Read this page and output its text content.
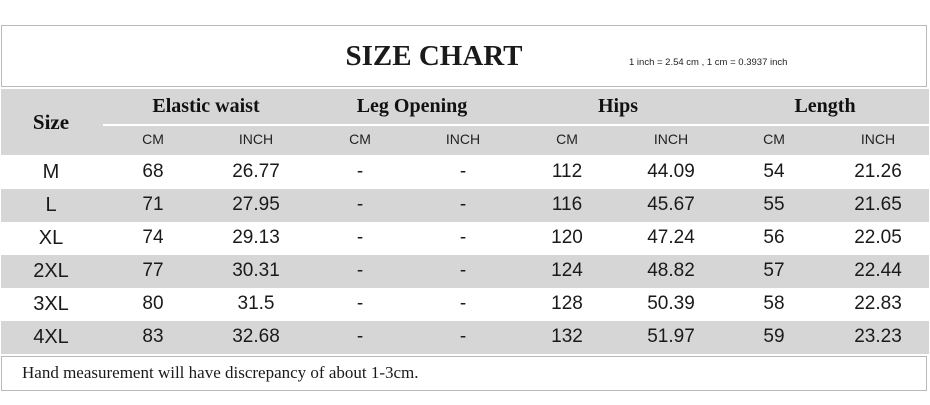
SIZE CHART	1 inch = 2.54 cm , 1 cm = 0.3937 inch
Size
Elastic waist	Leg Opening	Hips	Length
CM	INCH	CM	INCH	CM	INCH	CM	INCH
M	68	26.77	-	-	112	44.09	54	21.26
L	71	27.95	-	-	116	45.67	55	21.65
XL	74	29.13	-	-	120	47.24	56	22.05
2XL	77	30.31	-	-	124	48.82	57	22.44
3XL	80	31.5	-	-	128	50.39	58	22.83
4XL	83	32.68	-	-	132	51.97	59	23.23
Hand measurement will have discrepancy of about 1-3cm.
